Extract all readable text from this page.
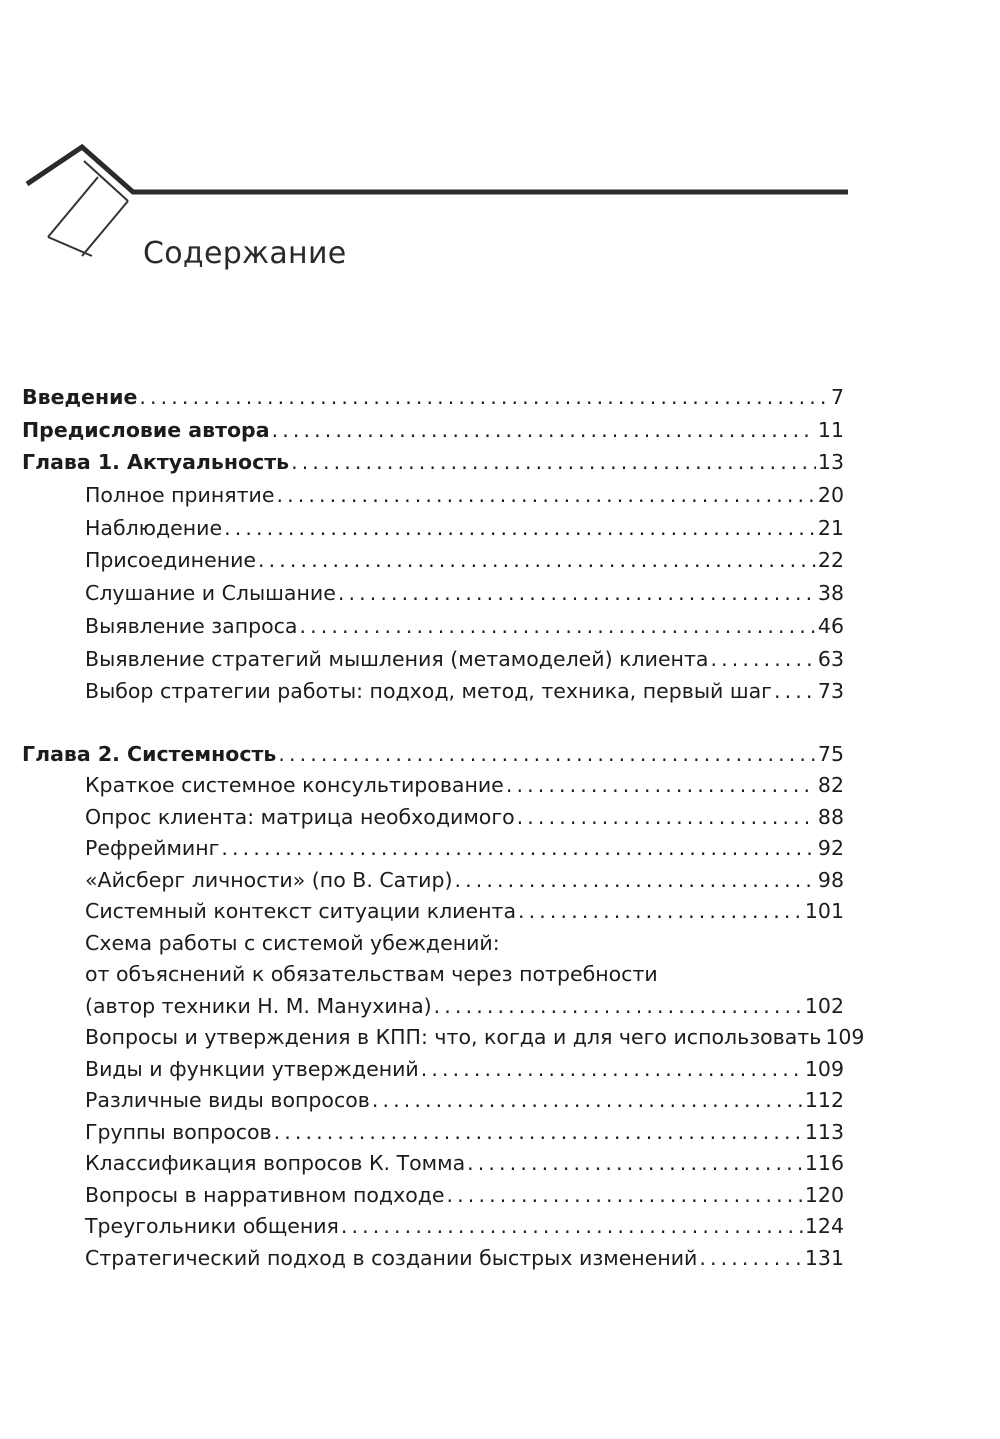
Содержание
Введение . . .	7
Предисловие автора . . .	11
Глава 1. Актуальность . . .	13
Полное принятие . . .	20
Наблюдение . . .	21
Присоединение . . .	22
Слушание и Слышание . . .	38
Выявление запроса . . .	46
Выявление стратегий мышления (метамоделей) клиента . . .	63
Выбор стратегии работы: подход, метод, техника, первый шаг . . . 73
Глава 2. Системность . . .	75
Краткое системное консультирование . . .	82
Опрос клиента: матрица необходимого . . .	88
Рефрейминг . . .	92
«Айсберг личности» (по В. Сатир) . . .	98
Системный контекст ситуации клиента . . .	101
Схема работы с системой убеждений:
от объяснений к обязательствам через потребности
(автор техники Н. М. Манухина) . . .	102
Вопросы и утверждения в КПП: что, когда и для чего использовать 109
Виды и функции утверждений . . .	109
Различные виды вопросов . . .	112
Группы вопросов . . .	113
Классификация вопросов К. Томма . . .	116
Вопросы в нарративном подходе . . .	120
Треугольники общения . . .	124
Стратегический подход в создании быстрых изменений . . .	131
